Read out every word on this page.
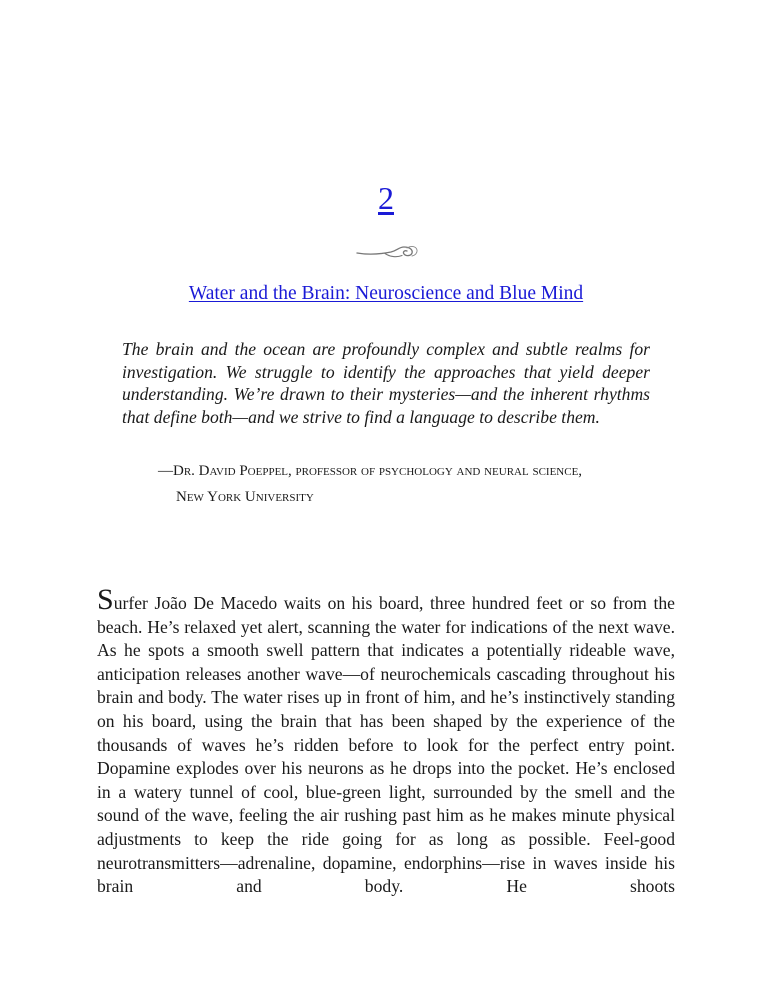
2
Water and the Brain: Neuroscience and Blue Mind

The brain and the ocean are profoundly complex and subtle realms for investigation. We struggle to identify the approaches that yield deeper understanding. We’re drawn to their mysteries—and the inherent rhythms that define both—and we strive to find a language to describe them.

—Dr. David Poeppel, professor of psychology and neural science,
New York University

Surfer João De Macedo waits on his board, three hundred feet or so from the beach. He’s relaxed yet alert, scanning the water for indications of the next wave. As he spots a smooth swell pattern that indicates a potentially rideable wave, anticipation releases another wave—of neurochemicals cascading throughout his brain and body. The water rises up in front of him, and he’s instinctively standing on his board, using the brain that has been shaped by the experience of the thousands of waves he’s ridden before to look for the perfect entry point. Dopamine explodes over his neurons as he drops into the pocket. He’s enclosed in a watery tunnel of cool, blue-green light, surrounded by the smell and the sound of the wave, feeling the air rushing past him as he makes minute physical adjustments to keep the ride going for as long as possible. Feel-good neurotransmitters—adrenaline, dopamine, endorphins—rise in waves inside his brain and body. He shoots
